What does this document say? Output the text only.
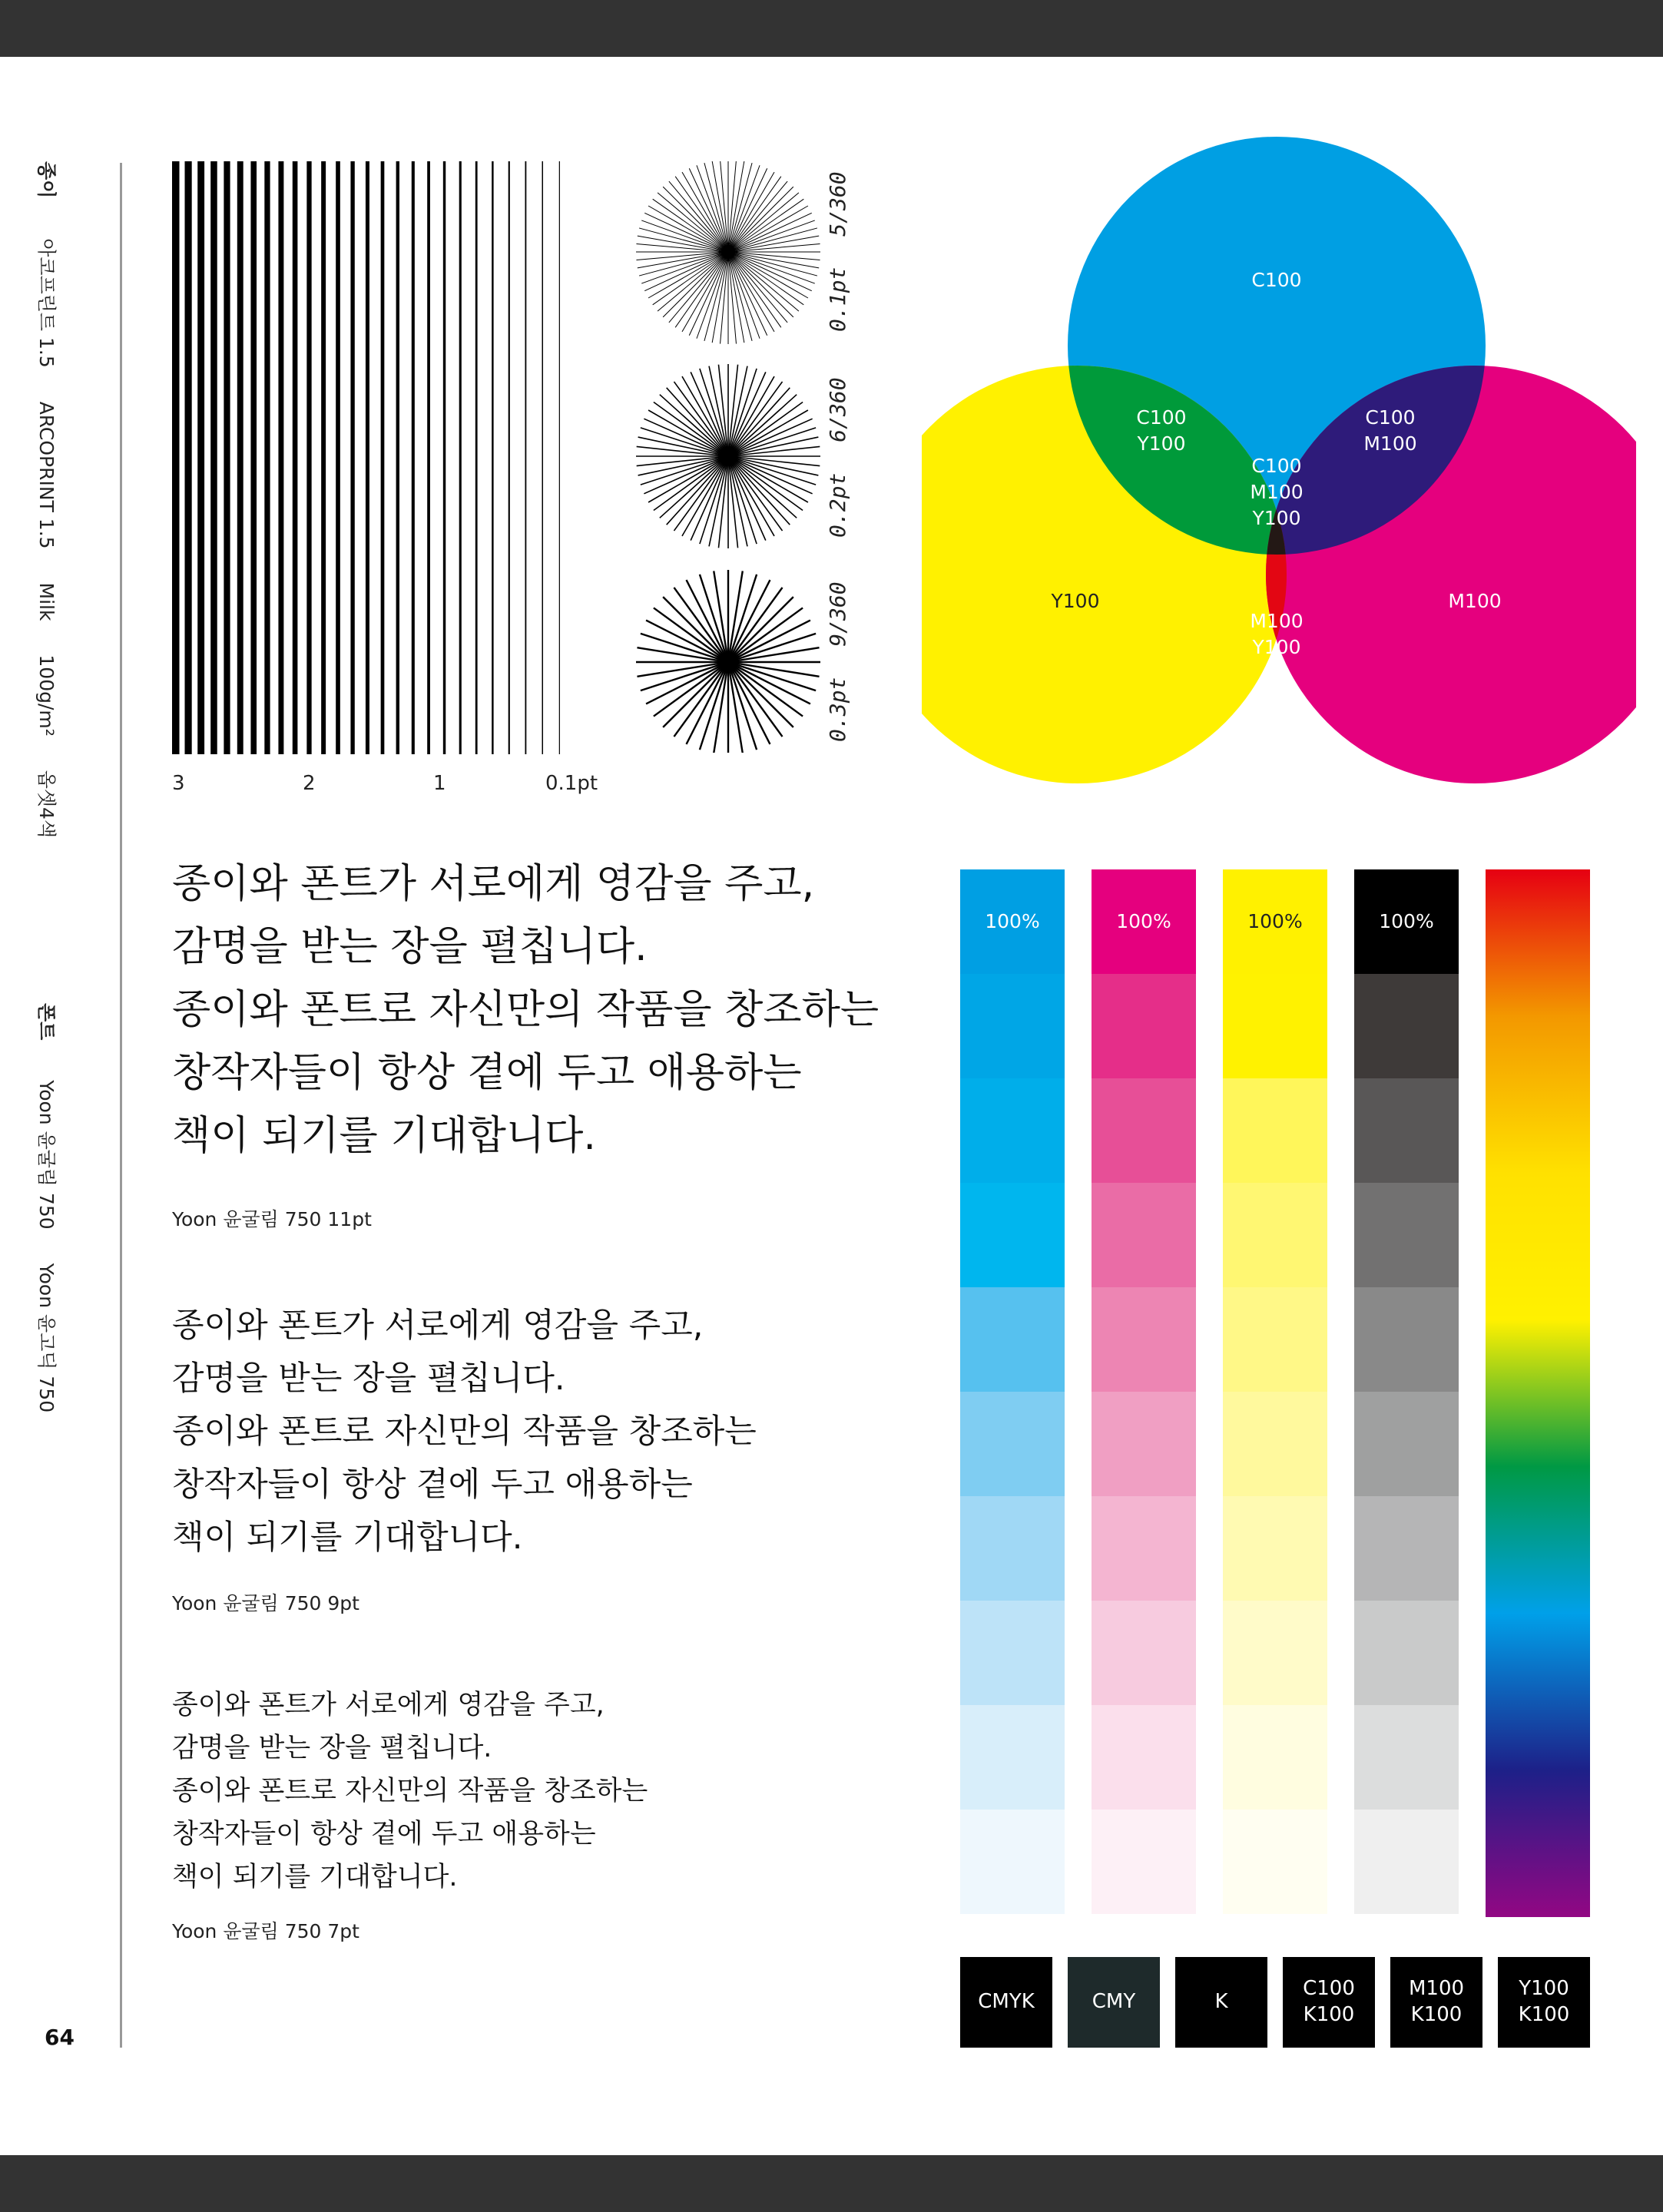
종이 아코프린트 1.5 ARCOPRINT 1.5 Milk 100g/m² 옵셋4색
폰트 Yoon 윤굴림 750 Yoon 윤고딕 750
64
3	2	1	0.1pt
0.1pt5/360
0.2pt6/360
0.3pt9/360
C100
Y100	M100
C100
Y100
C100
M100
C100
M100
Y100
M100
Y100

종이와 폰트가 서로에게 영감을 주고,

감명을 받는 장을 펼칩니다.

종이와 폰트로 자신만의 작품을 창조하는

창작자들이 항상 곁에 두고 애용하는

책이 되기를 기대합니다.

Yoon 윤굴림 750 11pt

종이와 폰트가 서로에게 영감을 주고,

감명을 받는 장을 펼칩니다.

종이와 폰트로 자신만의 작품을 창조하는

창작자들이 항상 곁에 두고 애용하는

책이 되기를 기대합니다.

Yoon 윤굴림 750 9pt

종이와 폰트가 서로에게 영감을 주고,

감명을 받는 장을 펼칩니다.

종이와 폰트로 자신만의 작품을 창조하는

창작자들이 항상 곁에 두고 애용하는

책이 되기를 기대합니다.

Yoon 윤굴림 750 7pt
100%	100%	100%	100%
CMYK	CMY	K
C100
K100
M100
K100
Y100
K100
